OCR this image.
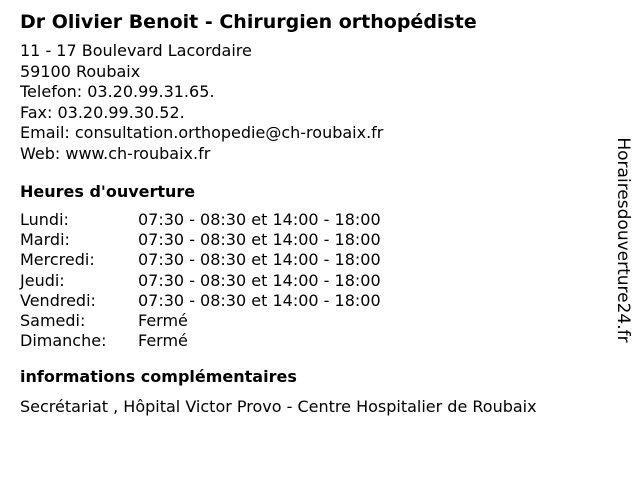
Dr Olivier Benoit - Chirurgien orthopédiste
11 - 17 Boulevard Lacordaire
59100 Roubaix
Telefon: 03.20.99.31.65.
Fax: 03.20.99.30.52.
Email: consultation.orthopedie@ch-roubaix.fr
Web: www.ch-roubaix.fr
Heures d'ouverture
Lundi:	07:30 - 08:30 et 14:00 - 18:00
Mardi:	07:30 - 08:30 et 14:00 - 18:00
Mercredi:	07:30 - 08:30 et 14:00 - 18:00
Jeudi:	07:30 - 08:30 et 14:00 - 18:00
Vendredi:	07:30 - 08:30 et 14:00 - 18:00
Samedi:	Fermé
Dimanche:	Fermé
informations complémentaires
Secrétariat , Hôpital Victor Provo - Centre Hospitalier de Roubaix
Horairesdouverture24.fr
